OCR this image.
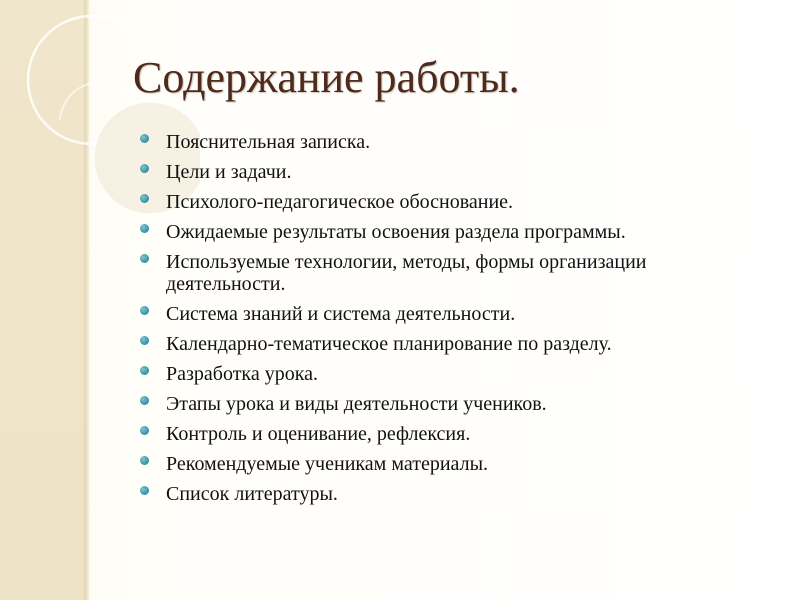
Содержание работы.
Пояснительная записка.
Цели и задачи.
Психолого-педагогическое обоснование.
Ожидаемые результаты освоения раздела программы.
Используемые технологии, методы, формы организации деятельности.
Система знаний и система деятельности.
Календарно-тематическое планирование по разделу.
Разработка урока.
Этапы урока и виды деятельности учеников.
Контроль и оценивание, рефлексия.
Рекомендуемые ученикам материалы.
Список литературы.
